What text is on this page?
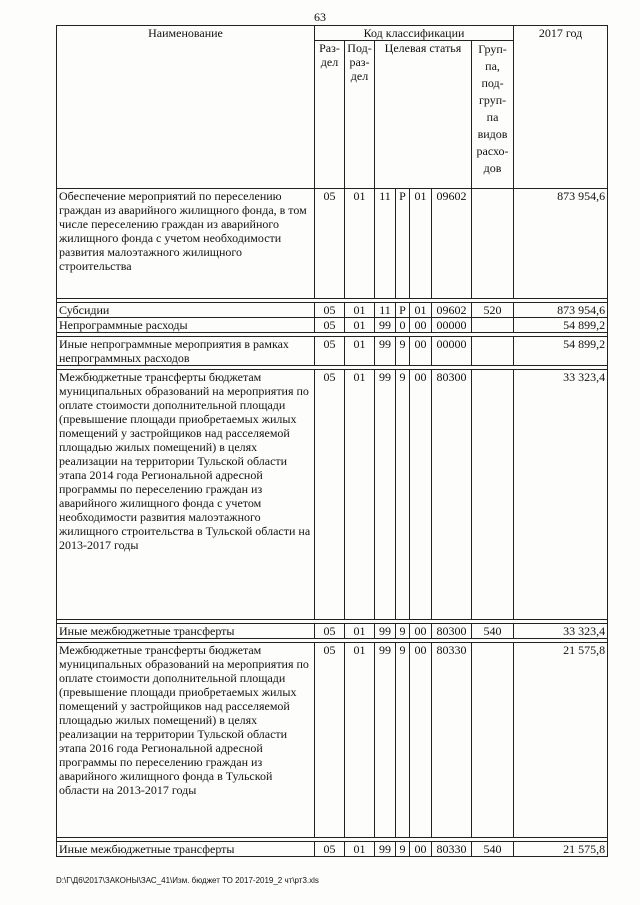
63
Наименование	Код классификации							2017 год
	Раз- дел	Под- раз- дел	Целевая статья				Груп- па, под- груп- па видов расхо- дов	
Обеспечение мероприятий по переселению граждан из аварийного жилищного фонда, в том числе переселению граждан из аварийного жилищного фонда с учетом необходимости развития малоэтажного жилищного строительства	05	01	11	Р	01	09602		873 954,6

Субсидии	05	01	11	Р	01	09602	520	873 954,6
Непрограммные расходы	05	01	99	0	00	00000		54 899,2

Иные непрограммные мероприятия в рамках непрограммных расходов	05	01	99	9	00	00000		54 899,2

Межбюджетные трансферты бюджетам муниципальных образований на мероприятия по оплате стоимости дополнительной площади (превышение площади приобретаемых жилых помещений у застройщиков над расселяемой площадью жилых помещений) в целях реализации на территории Тульской области этапа 2014 года Региональной адресной программы по переселению граждан из аварийного жилищного фонда с учетом необходимости развития малоэтажного жилищного строительства в Тульской области на 2013-2017 годы	05	01	99	9	00	80300		33 323,4

Иные межбюджетные трансферты	05	01	99	9	00	80300	540	33 323,4

Межбюджетные трансферты бюджетам муниципальных образований на мероприятия по оплате стоимости дополнительной площади (превышение площади приобретаемых жилых помещений у застройщиков над расселяемой площадью жилых помещений) в целях реализации на территории Тульской области этапа 2016 года Региональной адресной программы по переселению граждан из аварийного жилищного фонда в Тульской области на 2013-2017 годы	05	01	99	9	00	80330		21 575,8

Иные межбюджетные трансферты	05	01	99	9	00	80330	540	21 575,8
D:\Г\Д6\2017\ЗАКОНЫ\ЗАС_41\Изм. бюджет ТО 2017-2019_2 чт\рт3.xls
